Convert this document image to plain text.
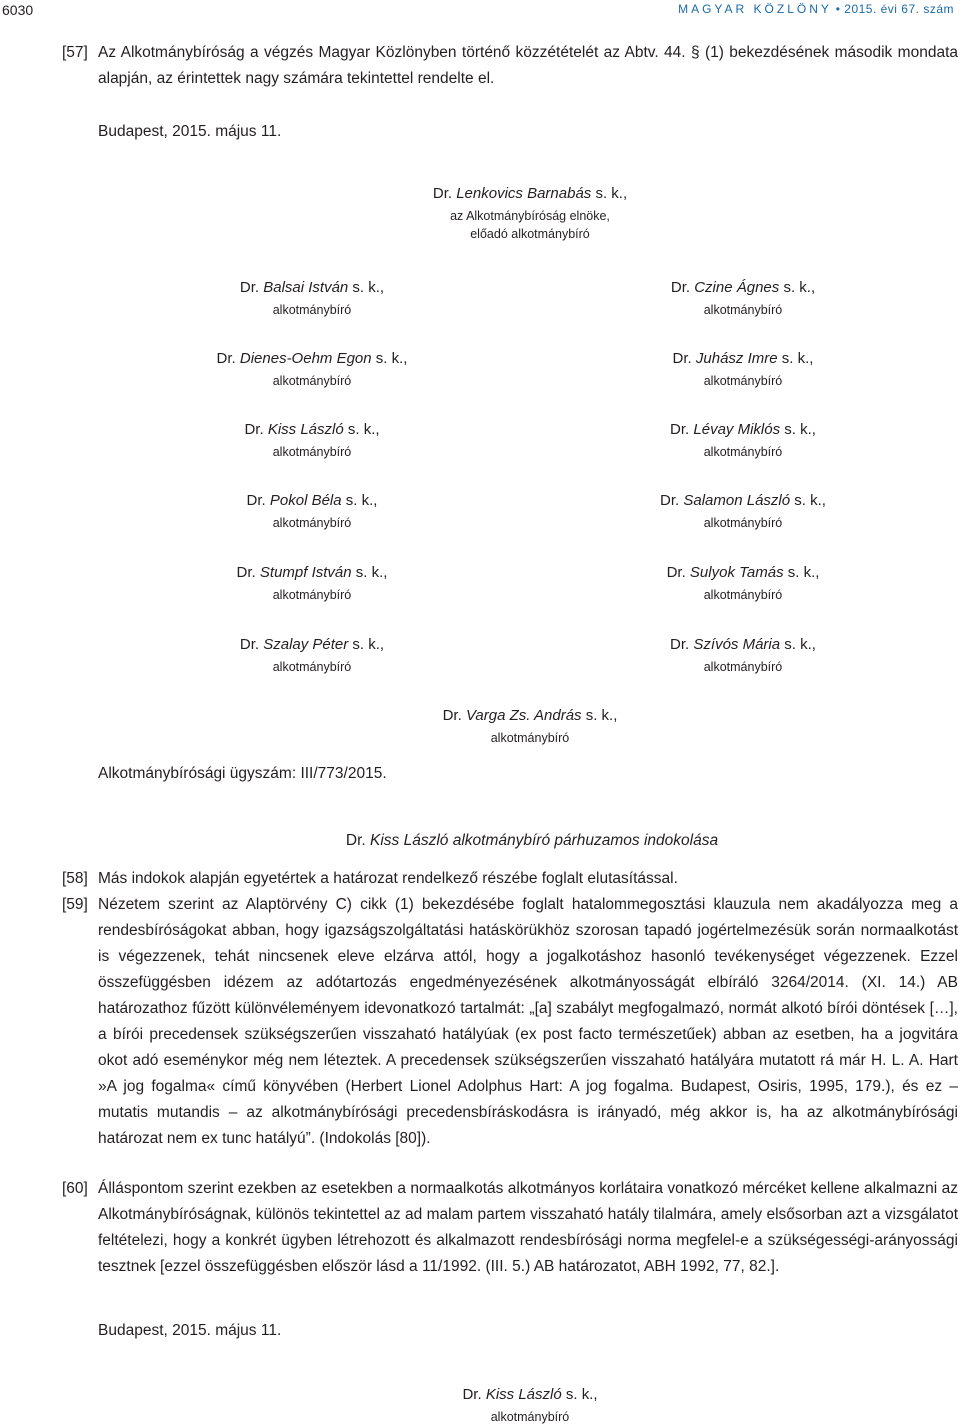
6030	MAGYAR KÖZLÖNY • 2015. évi 67. szám
[57] Az Alkotmánybíróság a végzés Magyar Közlönyben történő közzétételét az Abtv. 44. § (1) bekezdésének második mondata alapján, az érintettek nagy számára tekintettel rendelte el.
Budapest, 2015. május 11.
Dr. Lenkovics Barnabás s. k.,
az Alkotmánybíróság elnöke,
előadó alkotmánybíró
Dr. Balsai István s. k.,
alkotmánybíró
Dr. Dienes-Oehm Egon s. k.,
alkotmánybíró
Dr. Kiss László s. k.,
alkotmánybíró
Dr. Pokol Béla s. k.,
alkotmánybíró
Dr. Stumpf István s. k.,
alkotmánybíró
Dr. Szalay Péter s. k.,
alkotmánybíró
Dr. Czine Ágnes s. k.,
alkotmánybíró
Dr. Juhász Imre s. k.,
alkotmánybíró
Dr. Lévay Miklós s. k.,
alkotmánybíró
Dr. Salamon László s. k.,
alkotmánybíró
Dr. Sulyok Tamás s. k.,
alkotmánybíró
Dr. Szívós Mária s. k.,
alkotmánybíró
Dr. Varga Zs. András s. k.,
alkotmánybíró
Alkotmánybírósági ügyszám: III/773/2015.
Dr. Kiss László alkotmánybíró párhuzamos indokolása
[58] Más indokok alapján egyetértek a határozat rendelkező részébe foglalt elutasítással.
[59] Nézetem szerint az Alaptörvény C) cikk (1) bekezdésébe foglalt hatalommegosztási klauzula nem akadályozza meg a rendesbíróságokat abban, hogy igazságszolgáltatási hatáskörükhöz szorosan tapadó jogértelmezésük során normaalkotást is végezzenek, tehát nincsenek eleve elzárva attól, hogy a jogalkotáshoz hasonló tevékenységet végezzenek. Ezzel összefüggésben idézem az adótartozás engedményezésének alkotmányosságát elbíráló 3264/2014. (XI. 14.) AB határozathoz fűzött különvéleményem idevonatkozó tartalmát: „[a] szabályt megfogalmazó, normát alkotó bírói döntések […], a bírói precedensek szükségszerűen visszaható hatályúak (ex post facto természetűek) abban az esetben, ha a jogvitára okot adó eseménykor még nem léteztek. A precedensek szükségszerűen visszaható hatályára mutatott rá már H. L. A. Hart »A jog fogalma« című könyvében (Herbert Lionel Adolphus Hart: A jog fogalma. Budapest, Osiris, 1995, 179.), és ez – mutatis mutandis – az alkotmánybírósági precedensbíráskodásra is irányadó, még akkor is, ha az alkotmánybírósági határozat nem ex tunc hatályú”. (Indokolás [80]).
[60] Álláspontom szerint ezekben az esetekben a normaalkotás alkotmányos korlátaira vonatkozó mércéket kellene alkalmazni az Alkotmánybíróságnak, különös tekintettel az ad malam partem visszaható hatály tilalmára, amely elsősorban azt a vizsgálatot feltételezi, hogy a konkrét ügyben létrehozott és alkalmazott rendesbírósági norma megfelel-e a szükségességi-arányossági tesztnek [ezzel összefüggésben először lásd a 11/1992. (III. 5.) AB határozatot, ABH 1992, 77, 82.].
Budapest, 2015. május 11.
Dr. Kiss László s. k.,
alkotmánybíró
